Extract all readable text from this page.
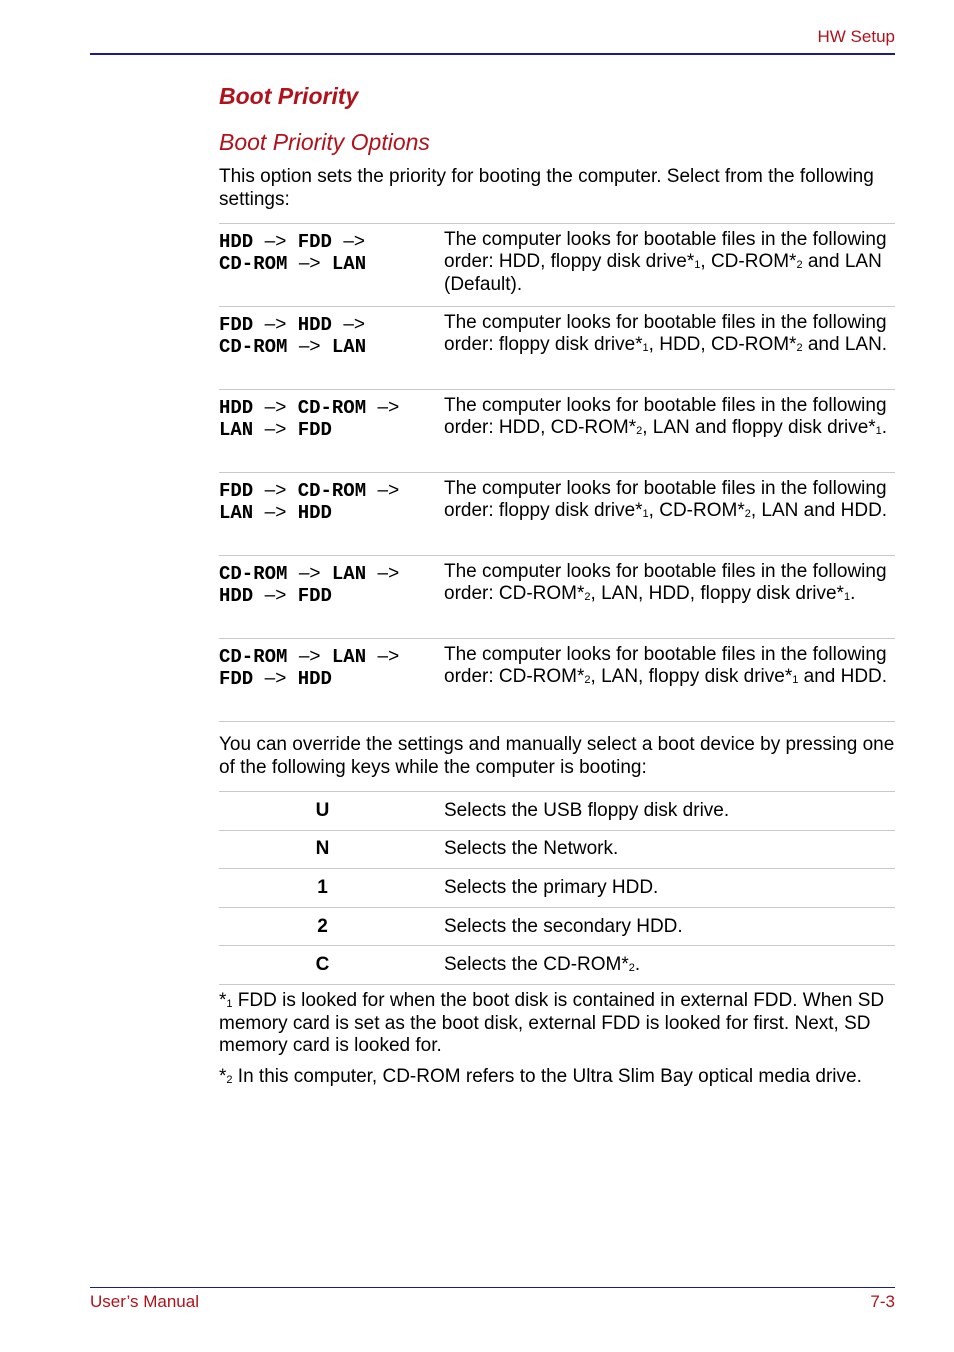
HW Setup
Boot Priority
Boot Priority Options
This option sets the priority for booting the computer. Select from the following settings:
HDD –> FDD –>
CD-ROM –> LAN	The computer looks for bootable files in the following order: HDD, floppy disk drive*$^1$, CD-ROM*$^2$ and LAN (Default).
FDD –> HDD –>
CD-ROM –> LAN	The computer looks for bootable files in the following order: floppy disk drive*$^1$, HDD, CD-ROM*$^2$ and LAN.
HDD –> CD-ROM –>
LAN –> FDD	The computer looks for bootable files in the following order: HDD, CD-ROM*$^2$, LAN and floppy disk drive*$^1$.
FDD –> CD-ROM –>
LAN –> HDD	The computer looks for bootable files in the following order: floppy disk drive*$^1$, CD-ROM*$^2$, LAN and HDD.
CD-ROM –> LAN –>
HDD –> FDD	The computer looks for bootable files in the following order: CD-ROM*$^2$, LAN, HDD, floppy disk drive*$^1$.
CD-ROM –> LAN –>
FDD –> HDD	The computer looks for bootable files in the following order: CD-ROM*$^2$, LAN, floppy disk drive*$^1$ and HDD.
You can override the settings and manually select a boot device by pressing one of the following keys while the computer is booting:
U	Selects the USB floppy disk drive.
N	Selects the Network.
1	Selects the primary HDD.
2	Selects the secondary HDD.
C	Selects the CD-ROM*$^2$.
*$^1$ FDD is looked for when the boot disk is contained in external FDD. When SD memory card is set as the boot disk, external FDD is looked for first. Next, SD memory card is looked for.
*$^2$ In this computer, CD-ROM refers to the Ultra Slim Bay optical media drive.
User’s Manual	7-3
